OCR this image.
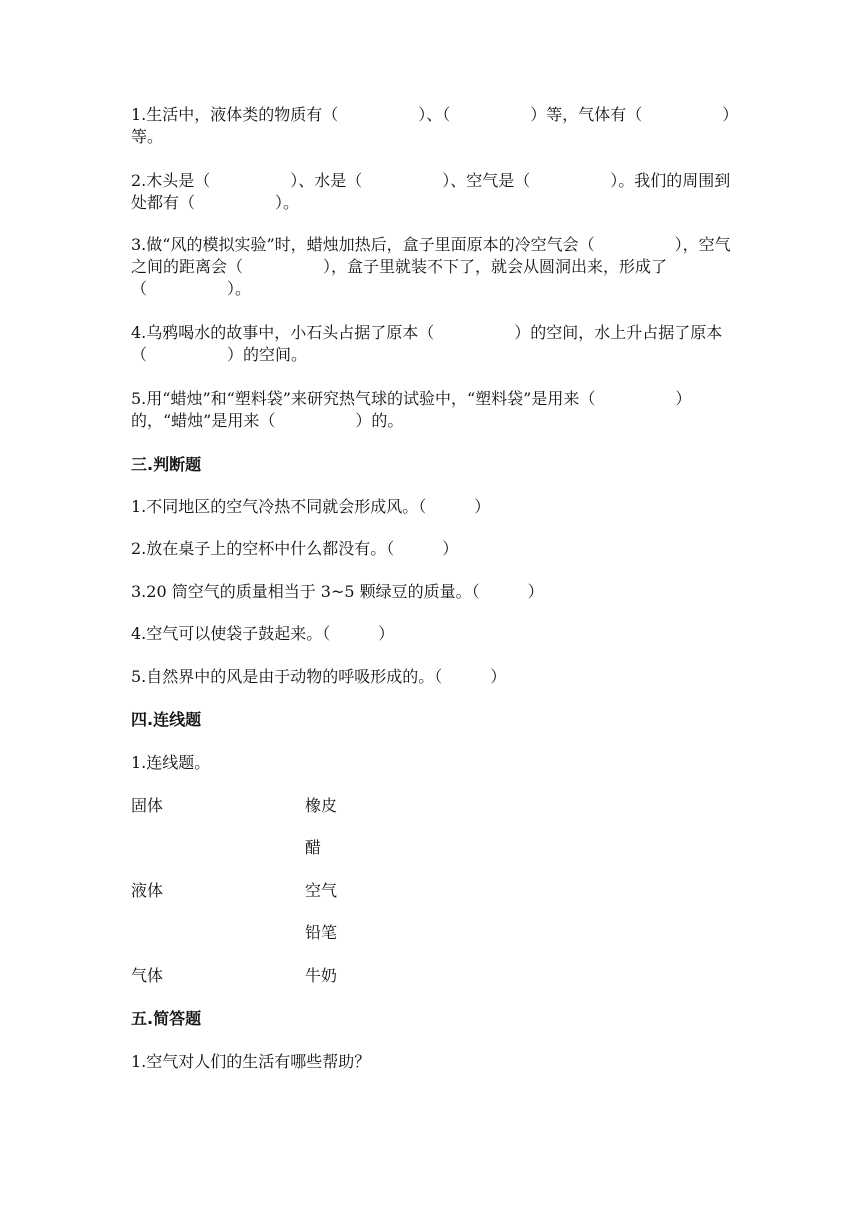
1.生活中，液体类的物质有（　　　　　）、（　　　　　）等，气体有（　　　　　）等。

2.木头是（　　　　　）、水是（　　　　　）、空气是（　　　　　）。我们的周围到处都有（　　　　　）。

3.做“风的模拟实验”时，蜡烛加热后，盒子里面原本的冷空气会（　　　　　），空气之间的距离会（　　　　　），盒子里就装不下了，就会从圆洞出来，形成了（　　　　　）。

4.乌鸦喝水的故事中，小石头占据了原本（　　　　　）的空间，水上升占据了原本（　　　　　）的空间。

5.用“蜡烛”和“塑料袋”来研究热气球的试验中，“塑料袋”是用来（　　　　　）的，“蜡烛”是用来（　　　　　）的。

三.判断题

1.不同地区的空气冷热不同就会形成风。（　　　）

2.放在桌子上的空杯中什么都没有。（　　　）

3.20 筒空气的质量相当于 3~5 颗绿豆的质量。（　　　）

4.空气可以使袋子鼓起来。（　　　）

5.自然界中的风是由于动物的呼吸形成的。（　　　）

四.连线题

1.连线题。

固体

液体

气体

橡皮

醋

空气

铅笔

牛奶

五.简答题

1.空气对人们的生活有哪些帮助？
